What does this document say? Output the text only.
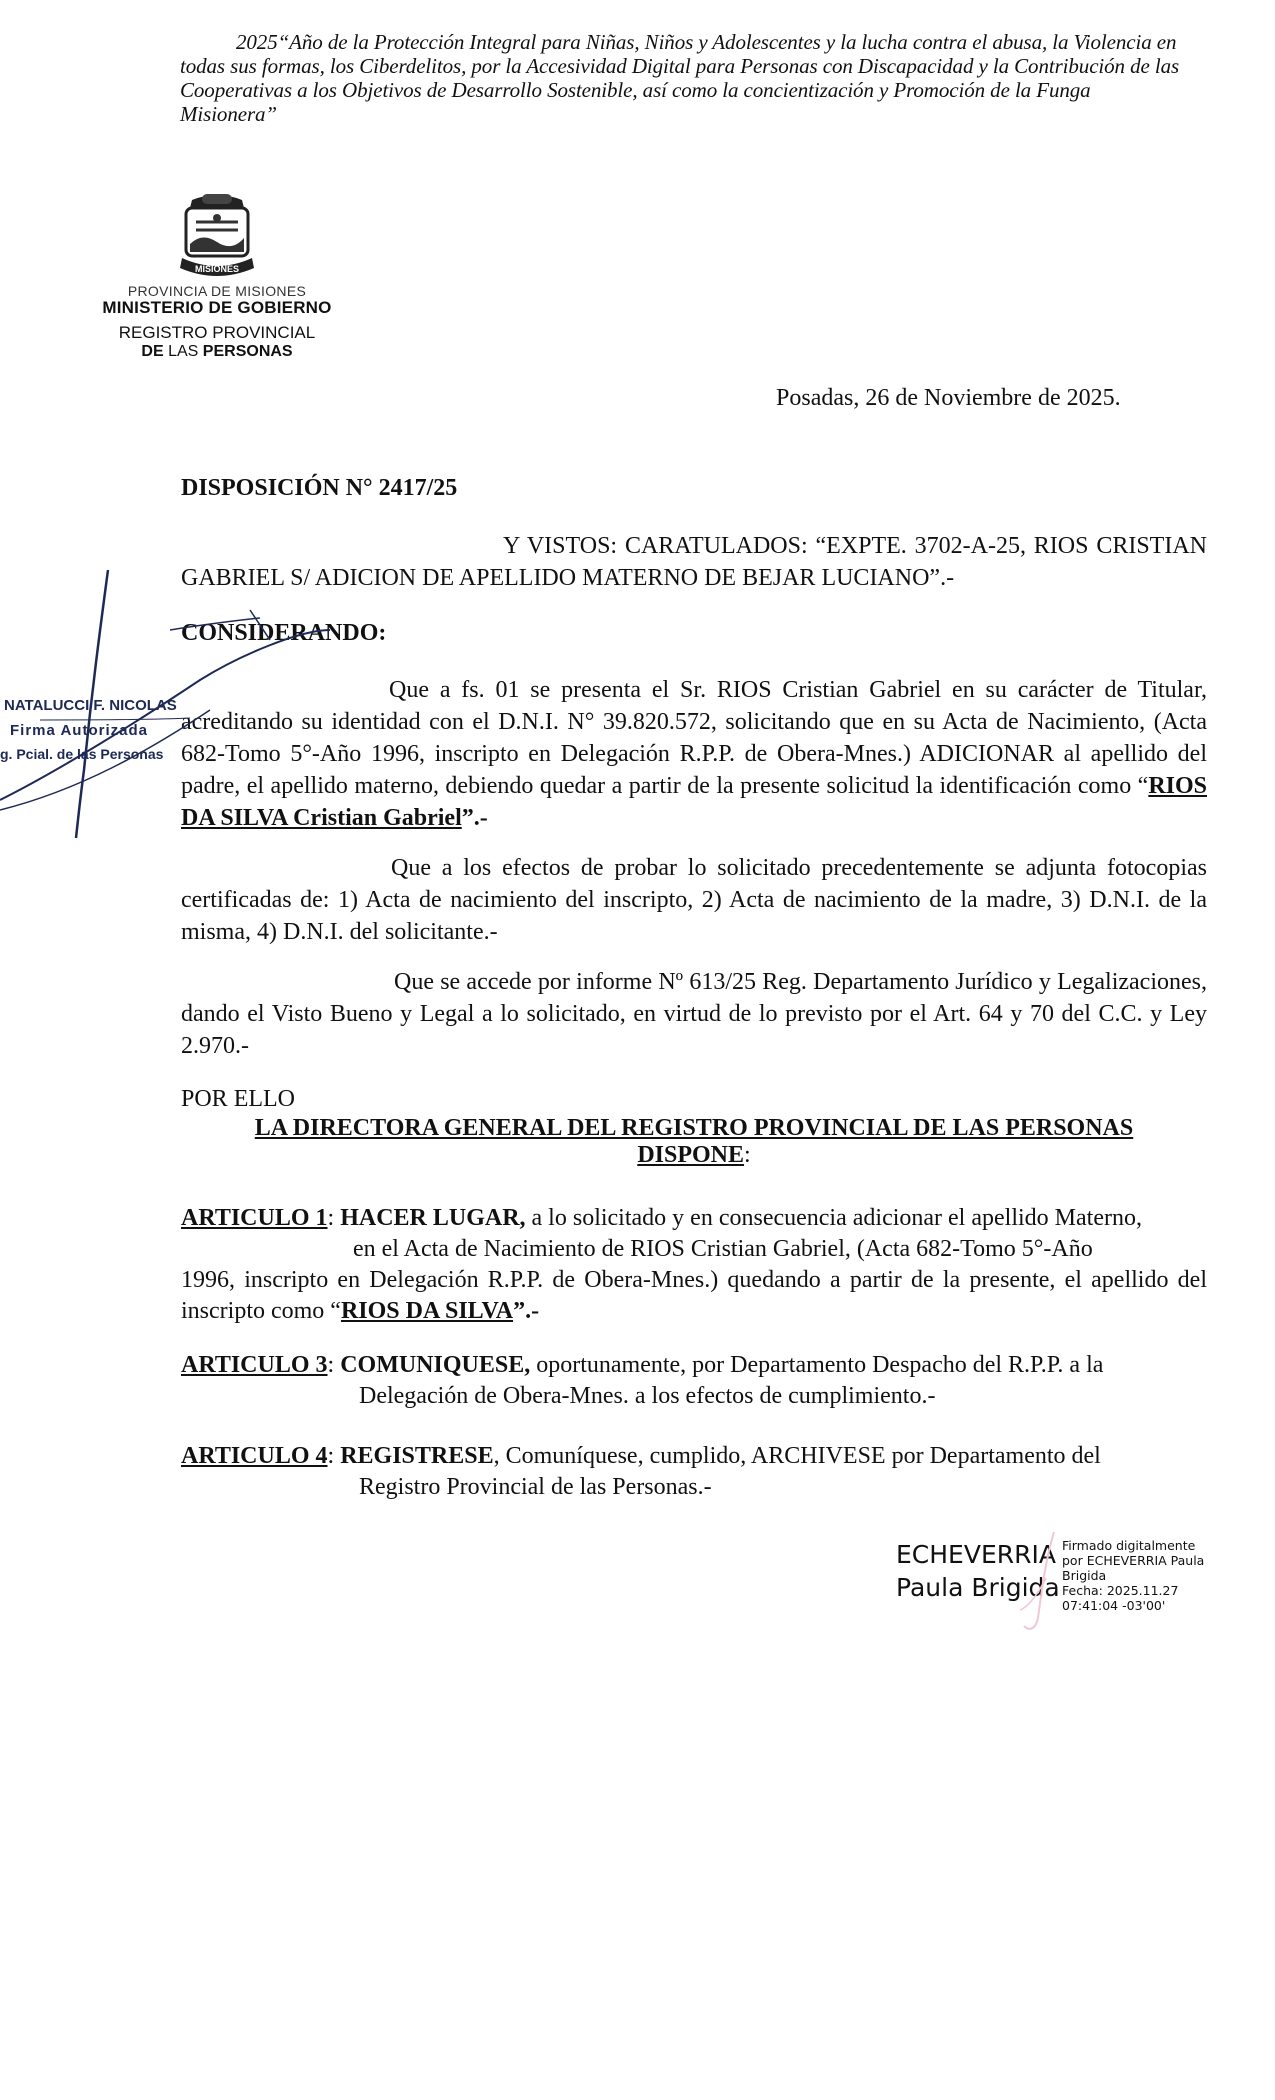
2025“Año de la Protección Integral para Niñas, Niños y Adolescentes y la lucha contra el abusa, la Violencia en todas sus formas, los Ciberdelitos, por la Accesividad Digital para Personas con Discapacidad y la Contribución de las Cooperativas a los Objetivos de Desarrollo Sostenible, así como la concientización y Promoción de la Funga Misionera”
MISIONES
PROVINCIA DE MISIONES
MINISTERIO DE GOBIERNO
REGISTRO PROVINCIAL
DE LAS PERSONAS
Posadas, 26 de Noviembre de 2025.
DISPOSICIÓN N° 2417/25
Y VISTOS: CARATULADOS: “EXPTE. 3702-A-25, RIOS CRISTIAN GABRIEL S/ ADICION DE APELLIDO MATERNO DE BEJAR LUCIANO”.-
CONSIDERANDO:
Que a fs. 01 se presenta el Sr. RIOS Cristian Gabriel en su carácter de Titular, acreditando su identidad con el D.N.I. N° 39.820.572, solicitando que en su Acta de Nacimiento, (Acta 682-Tomo 5°-Año 1996, inscripto en Delegación R.P.P. de Obera-Mnes.) ADICIONAR al apellido del padre, el apellido materno, debiendo quedar a partir de la presente solicitud la identificación como “RIOS DA SILVA Cristian Gabriel”.-
Que a los efectos de probar lo solicitado precedentemente se adjunta fotocopias certificadas de: 1) Acta de nacimiento del inscripto, 2) Acta de nacimiento de la madre, 3) D.N.I. de la misma, 4) D.N.I. del solicitante.-
Que se accede por informe Nº 613/25 Reg. Departamento Jurídico y Legalizaciones, dando el Visto Bueno y Legal a lo solicitado, en virtud de lo previsto por el Art. 64 y 70 del C.C. y Ley 2.970.-
POR ELLO
LA DIRECTORA GENERAL DEL REGISTRO PROVINCIAL DE LAS PERSONAS
DISPONE:
ARTICULO 1: HACER LUGAR, a lo solicitado y en consecuencia adicionar el apellido Materno,
en el Acta de Nacimiento de RIOS Cristian Gabriel, (Acta 682-Tomo 5°-Año
1996, inscripto en Delegación R.P.P. de Obera-Mnes.) quedando a partir de la presente, el apellido del inscripto como “RIOS DA SILVA”.-
ARTICULO 3: COMUNIQUESE, oportunamente, por Departamento Despacho del R.P.P. a la
Delegación de Obera-Mnes. a los efectos de cumplimiento.-
ARTICULO 4: REGISTRESE, Comuníquese, cumplido, ARCHIVESE por Departamento del
Registro Provincial de las Personas.-
NATALUCCI F. NICOLAS
Firma Autorizada
g. Pcial. de las Personas
ECHEVERRIA
Paula Brigida
Firmado digitalmente
por ECHEVERRIA Paula
Brigida
Fecha: 2025.11.27
07:41:04 -03'00'
